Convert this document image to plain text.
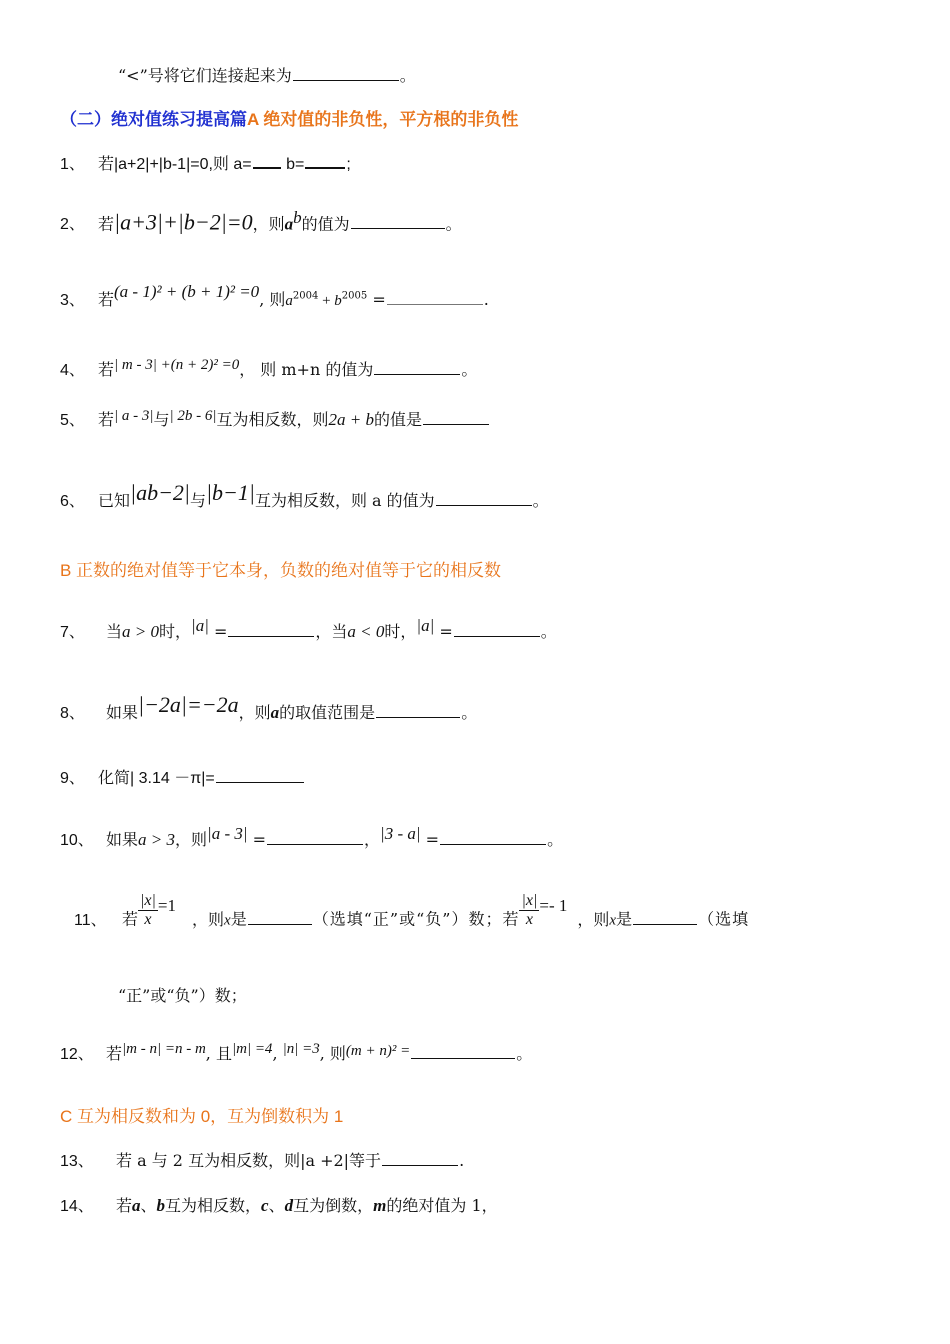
“<”号将它们连接起来为	。
（二）绝对值练习提高篇A 绝对值的非负性，平方根的非负性
1、 若|a+2|+|b-1|=0,则 a= b=	;
2、 若|a+3|+|b−2|=0，则$a^b$的值为	。
3、 若(a - 1)² + (b + 1)² =0, 则$a^{2004} + b^{2005}$ =	.
4、 若| m - 3| +(n + 2)² =0， 则 m+n 的值为	。
5、 若| a - 3|与| 2b - 6|互为相反数，则2a + b的值是
6、 已知|ab−2|与|b−1|互为相反数，则 a 的值为	。
B 正数的绝对值等于它本身，负数的绝对值等于它的相反数
7、 当a > 0时，|a| =	，当a < 0时，|a| =	。
8、 如果|−2a|=−2a，则a的取值范围是	。
9、 化简| 3.14 －π|=
10、 如果a > 3，则|a - 3| =	，|3 - a| =	。
11、 若 $\frac{|x|}{x} =1$，则x是	（选填“正”或“负”）数；若 $\frac{|x|}{x} =- 1$，则x是	（选填
“正”或“负”）数；
12、 若|m - n| =n - m, 且|m| =4, |n| =3, 则(m + n)² =	。
C 互为相反数和为 0，互为倒数积为 1
13、 若 a 与 2 互为相反数，则|a +2|等于	.
14、 若a、b互为相反数，c、d互为倒数，m的绝对值为 1，
